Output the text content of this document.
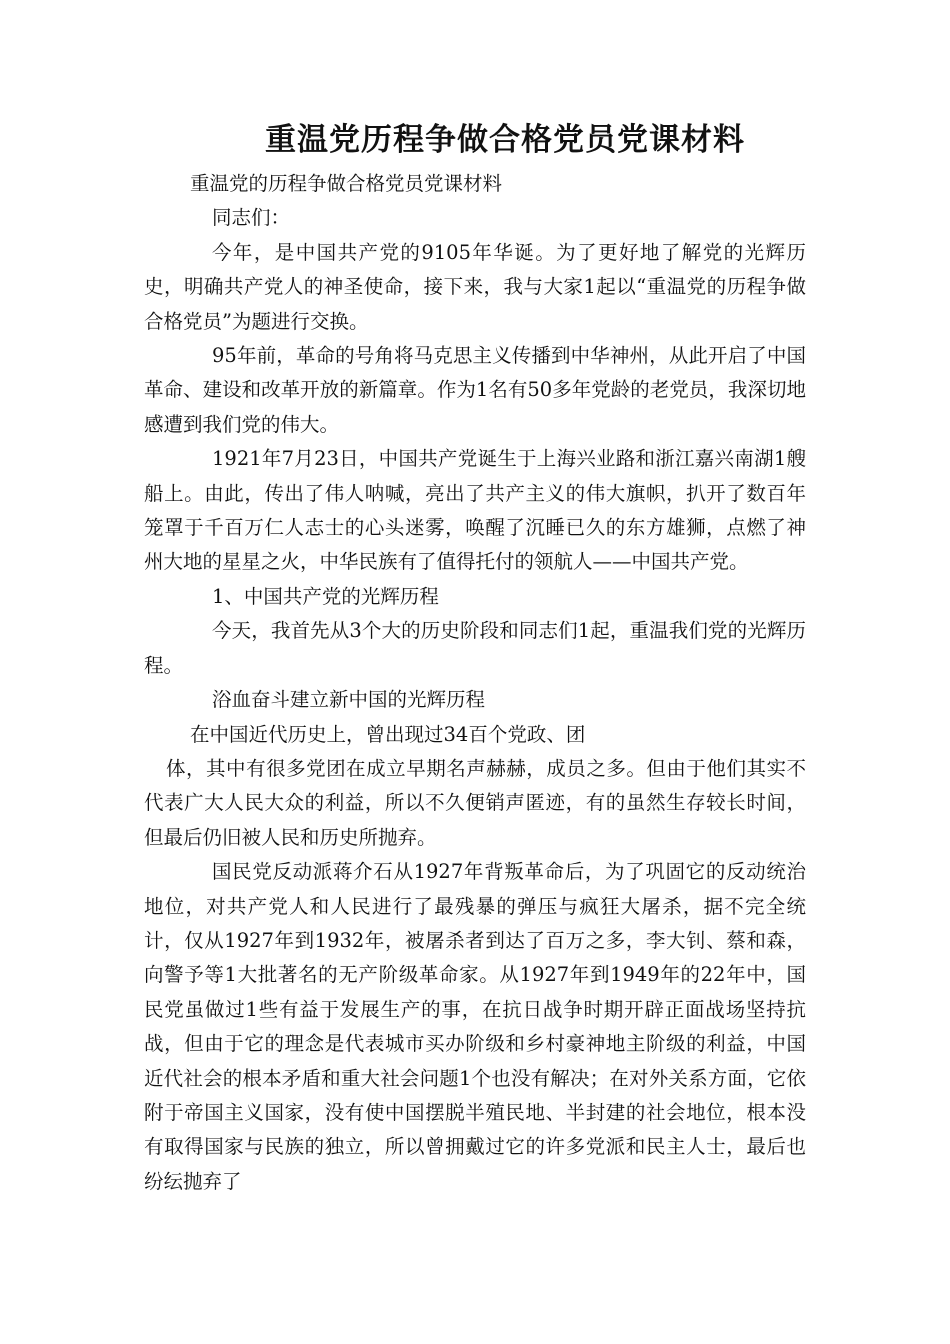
重温党历程争做合格党员党课材料

重温党的历程争做合格党员党课材料

同志们：

今年，是中国共产党的9105年华诞。为了更好地了解党的光辉历史，明确共产党人的神圣使命，接下来，我与大家1起以“重温党的历程争做合格党员”为题进行交换。

95年前，革命的号角将马克思主义传播到中华神州，从此开启了中国革命、建设和改革开放的新篇章。作为1名有50多年党龄的老党员，我深切地感遭到我们党的伟大。

1921年7月23日，中国共产党诞生于上海兴业路和浙江嘉兴南湖1艘船上。由此，传出了伟人呐喊，亮出了共产主义的伟大旗帜，扒开了数百年笼罩于千百万仁人志士的心头迷雾，唤醒了沉睡已久的东方雄狮，点燃了神州大地的星星之火，中华民族有了值得托付的领航人——中国共产党。

1、中国共产党的光辉历程

今天，我首先从3个大的历史阶段和同志们1起，重温我们党的光辉历程。

浴血奋斗建立新中国的光辉历程

在中国近代历史上，曾出现过34百个党政、团

体，其中有很多党团在成立早期名声赫赫，成员之多。但由于他们其实不代表广大人民大众的利益，所以不久便销声匿迹，有的虽然生存较长时间，但最后仍旧被人民和历史所抛弃。

国民党反动派蒋介石从1927年背叛革命后，为了巩固它的反动统治地位，对共产党人和人民进行了最残暴的弹压与疯狂大屠杀，据不完全统计，仅从1927年到1932年，被屠杀者到达了百万之多，李大钊、蔡和森，向警予等1大批著名的无产阶级革命家。从1927年到1949年的22年中，国民党虽做过1些有益于发展生产的事，在抗日战争时期开辟正面战场坚持抗战，但由于它的理念是代表城市买办阶级和乡村豪神地主阶级的利益，中国近代社会的根本矛盾和重大社会问题1个也没有解决；在对外关系方面，它依附于帝国主义国家，没有使中国摆脱半殖民地、半封建的社会地位，根本没有取得国家与民族的独立，所以曾拥戴过它的许多党派和民主人士，最后也纷纭抛弃了
